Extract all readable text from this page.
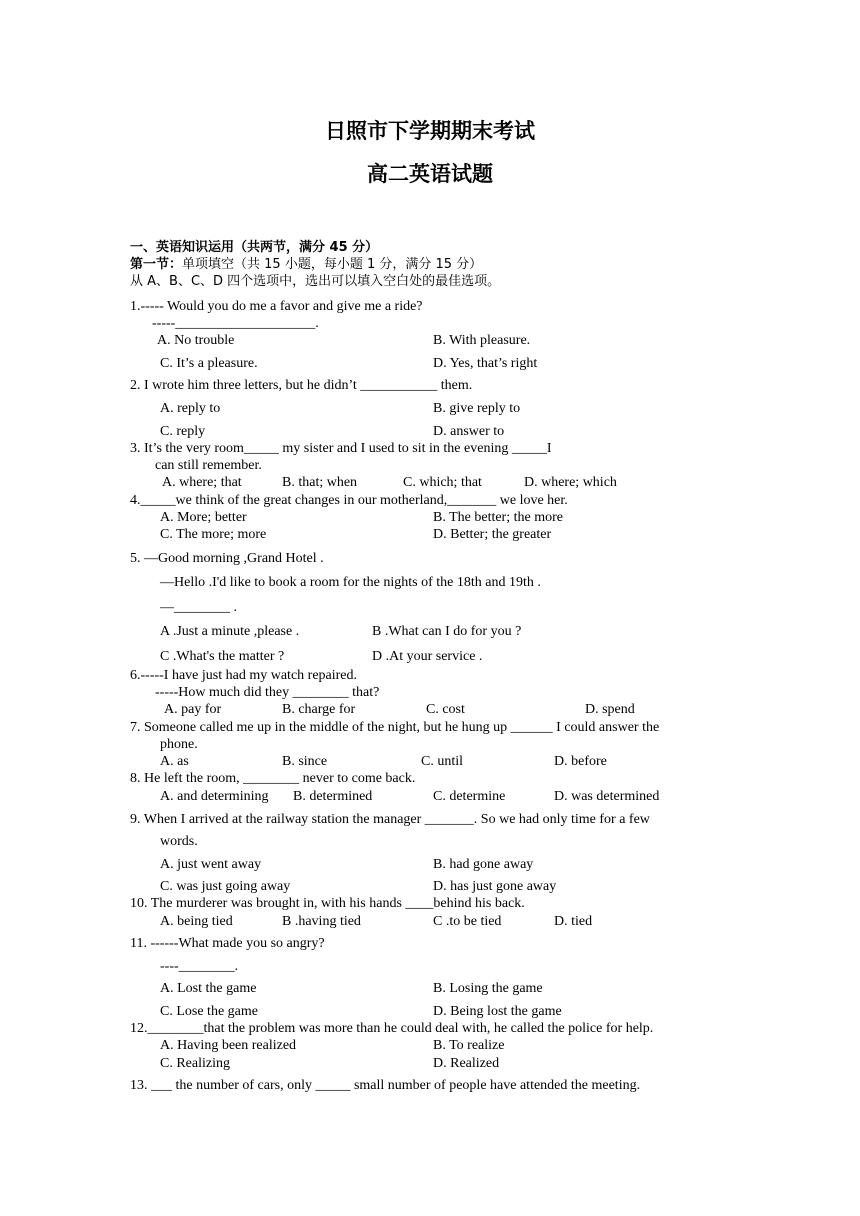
日照市下学期期末考试
高二英语试题
一、英语知识运用（共两节，满分 45 分）
第一节：单项填空（共 15 小题，每小题 1 分，满分 15 分）
从 A、B、C、D 四个选项中，选出可以填入空白处的最佳选项。
1.----- Would you do me a favor and give me a ride?
-----____________________.
A. No trouble	B. With pleasure.
C. It’s a pleasure.	D. Yes, that’s right
2. I wrote him three letters, but he didn’t ___________ them.
A. reply to	B. give reply to
C. reply	D. answer to
3. It’s the very room_____ my sister and I used to sit in the evening _____I
can still remember.
A. where; that	B. that; when	C. which; that	D. where; which
4._____we think of the great changes in our motherland,_______ we love her.
A. More; better	B. The better; the more
C. The more; more	D. Better; the greater
5. —Good morning ,Grand Hotel .
—Hello .I'd like to book a room for the nights of the 18th and 19th .
—________ .
A .Just a minute ,please .	B .What can I do for you ?
C .What's the matter ?	D .At your service .
6.-----I have just had my watch repaired.
-----How much did they ________ that?
A. pay for	B. charge for	C. cost	D. spend
7. Someone called me up in the middle of the night, but he hung up ______ I could answer the
phone.
A. as	B. since	C. until	D. before
8. He left the room, ________ never to come back.
A. and determining B. determined	C. determine	D. was determined
9. When I arrived at the railway station the manager _______. So we had only time for a few
words.
A. just went away	B. had gone away
C. was just going away	D. has just gone away
10. The murderer was brought in, with his hands ____behind his back.
A. being tied	B .having tied	C .to be tied	D. tied
11. ------What made you so angry?
----________.
A. Lost the game	B. Losing the game
C. Lose the game	D. Being lost the game
12.________that the problem was more than he could deal with, he called the police for help.
A. Having been realized	B. To realize
C. Realizing	D. Realized
13. ___ the number of cars, only _____ small number of people have attended the meeting.
